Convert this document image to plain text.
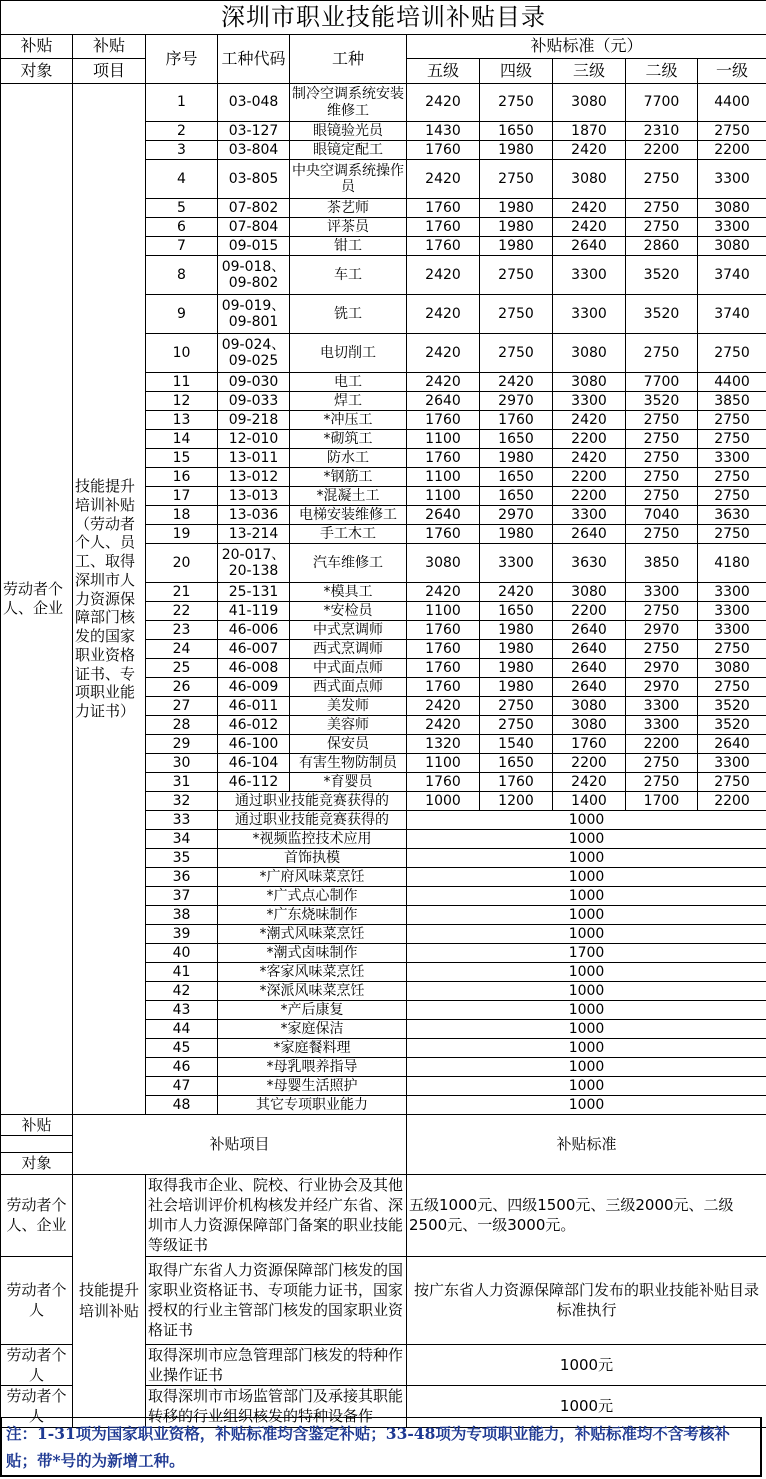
深圳市职业技能培训补贴目录									
补贴	补贴	序号	工种代码	工种	补贴标准（元）				
对象	项目				五级	四级	三级	二级	一级
劳动者个人、企业	技能提升培训补贴（劳动者个人、员工、取得深圳市人力资源保障部门核发的国家职业资格证书、专项职业能力证书）	1	03-048	制冷空调系统安装维修工	2420	2750	3080	7700	4400
		2	03-127	眼镜验光员	1430	1650	1870	2310	2750
		3	03-804	眼镜定配工	1760	1980	2420	2200	2200
		4	03-805	中央空调系统操作员	2420	2750	3080	2750	3300
		5	07-802	茶艺师	1760	1980	2420	2750	3080
		6	07-804	评茶员	1760	1980	2420	2750	3300
		7	09-015	钳工	1760	1980	2640	2860	3080
		8	09-018、09-802	车工	2420	2750	3300	3520	3740
		9	09-019、09-801	铣工	2420	2750	3300	3520	3740
		10	09-024、09-025	电切削工	2420	2750	3080	2750	2750
		11	09-030	电工	2420	2420	3080	7700	4400
		12	09-033	焊工	2640	2970	3300	3520	3850
		13	09-218	*冲压工	1760	1760	2420	2750	2750
		14	12-010	*砌筑工	1100	1650	2200	2750	2750
		15	13-011	防水工	1760	1980	2420	2750	3300
		16	13-012	*钢筋工	1100	1650	2200	2750	2750
		17	13-013	*混凝土工	1100	1650	2200	2750	2750
		18	13-036	电梯安装维修工	2640	2970	3300	7040	3630
		19	13-214	手工木工	1760	1980	2640	2750	2750
		20	20-017、20-138	汽车维修工	3080	3300	3630	3850	4180
		21	25-131	*模具工	2420	2420	3080	3300	3300
		22	41-119	*安检员	1100	1650	2200	2750	3300
		23	46-006	中式烹调师	1760	1980	2640	2970	3300
		24	46-007	西式烹调师	1760	1980	2640	2750	2750
		25	46-008	中式面点师	1760	1980	2640	2970	3080
		26	46-009	西式面点师	1760	1980	2640	2970	2750
		27	46-011	美发师	2420	2750	3080	3300	3520
		28	46-012	美容师	2420	2750	3080	3300	3520
		29	46-100	保安员	1320	1540	1760	2200	2640
		30	46-104	有害生物防制员	1100	1650	2200	2750	3300
		31	46-112	*育婴员	1760	1760	2420	2750	2750
		32	通过职业技能竞赛获得的		1000	1200	1400	1700	2200
		33	通过职业技能竞赛获得的		1000				
		34	*视频监控技术应用		1000				
		35	首饰执模		1000				
		36	*广府风味菜烹饪		1000				
		37	*广式点心制作		1000				
		38	*广东烧味制作		1000				
		39	*潮式风味菜烹饪		1000				
		40	*潮式卤味制作		1700				
		41	*客家风味菜烹饪		1000				
		42	*深派风味菜烹饪		1000				
		43	*产后康复		1000				
		44	*家庭保洁		1000				
		45	*家庭餐料理		1000				
		46	*母乳喂养指导		1000				
		47	*母婴生活照护		1000				
		48	其它专项职业能力		1000				
补贴	补贴项目		补贴标准

对象			
劳动者个人、企业	技能提升培训补贴	取得我市企业、院校、行业协会及其他社会培训评价机构核发并经广东省、深圳市人力资源保障部门备案的职业技能等级证书	五级1000元、四级1500元、三级2000元、二级2500元、一级3000元。
劳动者个人		取得广东省人力资源保障部门核发的国家职业资格证书、专项能力证书，国家授权的行业主管部门核发的国家职业资格证书	按广东省人力资源保障部门发布的职业技能补贴目录标准执行
劳动者个人		取得深圳市应急管理部门核发的特种作业操作证书	1000元
劳动者个人		取得深圳市市场监管部门及承接其职能转移的行业组织核发的特种设备作	1000元
注：1-31项为国家职业资格，补贴标准均含鉴定补贴；33-48项为专项职业能力，补贴标准均不含考核补贴；带*号的为新增工种。
